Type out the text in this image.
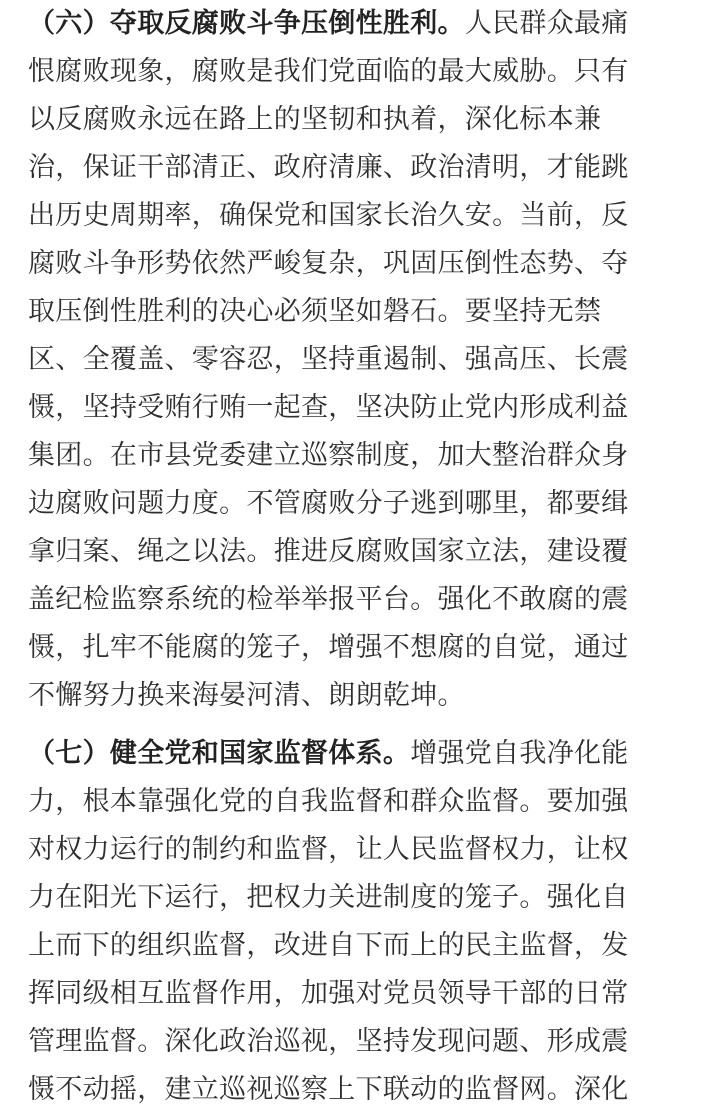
（六）夺取反腐败斗争压倒性胜利。人民群众最痛
恨腐败现象，腐败是我们党面临的最大威胁。只有
以反腐败永远在路上的坚韧和执着，深化标本兼
治，保证干部清正、政府清廉、政治清明，才能跳
出历史周期率，确保党和国家长治久安。当前，反
腐败斗争形势依然严峻复杂，巩固压倒性态势、夺
取压倒性胜利的决心必须坚如磐石。要坚持无禁
区、全覆盖、零容忍，坚持重遏制、强高压、长震
慑，坚持受贿行贿一起查，坚决防止党内形成利益
集团。在市县党委建立巡察制度，加大整治群众身
边腐败问题力度。不管腐败分子逃到哪里，都要缉
拿归案、绳之以法。推进反腐败国家立法，建设覆
盖纪检监察系统的检举举报平台。强化不敢腐的震
慑，扎牢不能腐的笼子，增强不想腐的自觉，通过
不懈努力换来海晏河清、朗朗乾坤。
（七）健全党和国家监督体系。增强党自我净化能
力，根本靠强化党的自我监督和群众监督。要加强
对权力运行的制约和监督，让人民监督权力，让权
力在阳光下运行，把权力关进制度的笼子。强化自
上而下的组织监督，改进自下而上的民主监督，发
挥同级相互监督作用，加强对党员领导干部的日常
管理监督。深化政治巡视，坚持发现问题、形成震
慑不动摇，建立巡视巡察上下联动的监督网。深化
